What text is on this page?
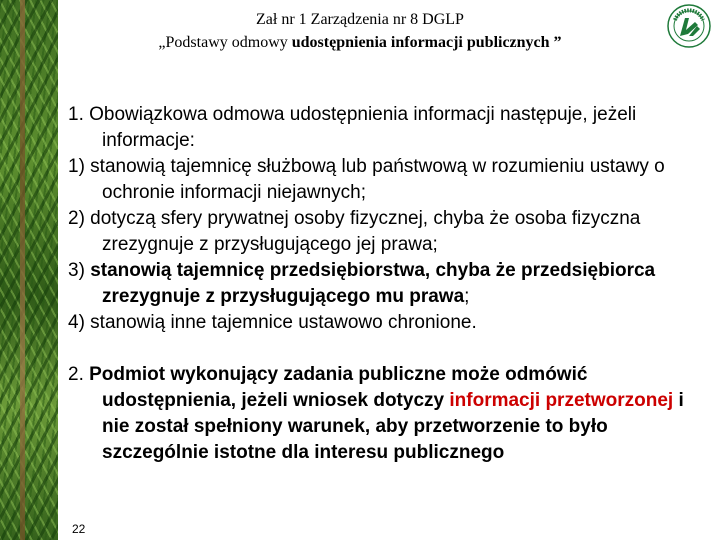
Zał nr 1 Zarządzenia nr 8 DGLP
„Podstawy odmowy udostępnienia informacji publicznych ”

1. Obowiązkowa odmowa udostępnienia informacji następuje, jeżeli informacje:

1) stanowią tajemnicę służbową lub państwową w rozumieniu ustawy o ochronie informacji niejawnych;

2) dotyczą sfery prywatnej osoby fizycznej, chyba że osoba fizyczna zrezygnuje z przysługującego jej prawa;

3) stanowią tajemnicę przedsiębiorstwa, chyba że przedsiębiorca zrezygnuje z przysługującego mu prawa;

4) stanowią inne tajemnice ustawowo chronione.

2. Podmiot wykonujący zadania publiczne może odmówić udostępnienia, jeżeli wniosek dotyczy informacji przetworzonej i nie został spełniony warunek, aby przetworzenie to było szczególnie istotne dla interesu publicznego

22
